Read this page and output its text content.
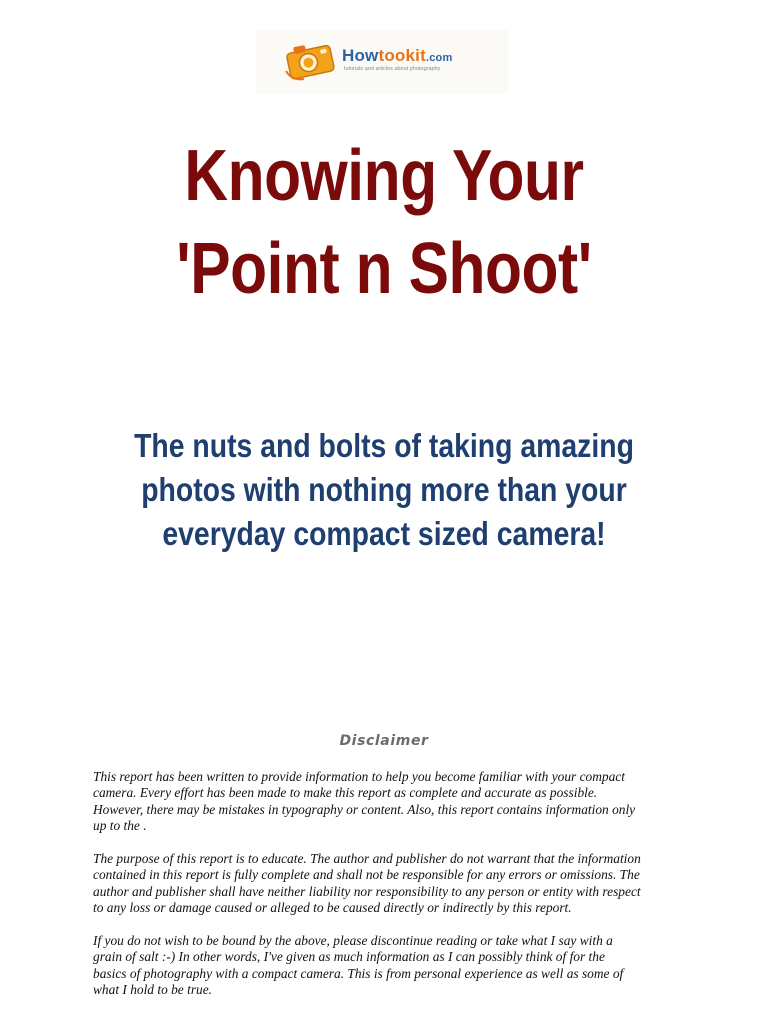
Howtookit.com
tutorials and articles about photography
Knowing Your
'Point n Shoot'
The nuts and bolts of taking amazing
photos with nothing more than your
everyday compact sized camera!
Disclaimer

This report has been written to provide information to help you become familiar with your compact
camera. Every effort has been made to make this report as complete and accurate as possible.
However, there may be mistakes in typography or content. Also, this report contains information only
up to the .

The purpose of this report is to educate. The author and publisher do not warrant that the information
contained in this report is fully complete and shall not be responsible for any errors or omissions. The
author and publisher shall have neither liability nor responsibility to any person or entity with respect
to any loss or damage caused or alleged to be caused directly or indirectly by this report.

If you do not wish to be bound by the above, please discontinue reading or take what I say with a
grain of salt :-) In other words, I've given as much information as I can possibly think of for the
basics of photography with a compact camera. This is from personal experience as well as some of
what I hold to be true.
